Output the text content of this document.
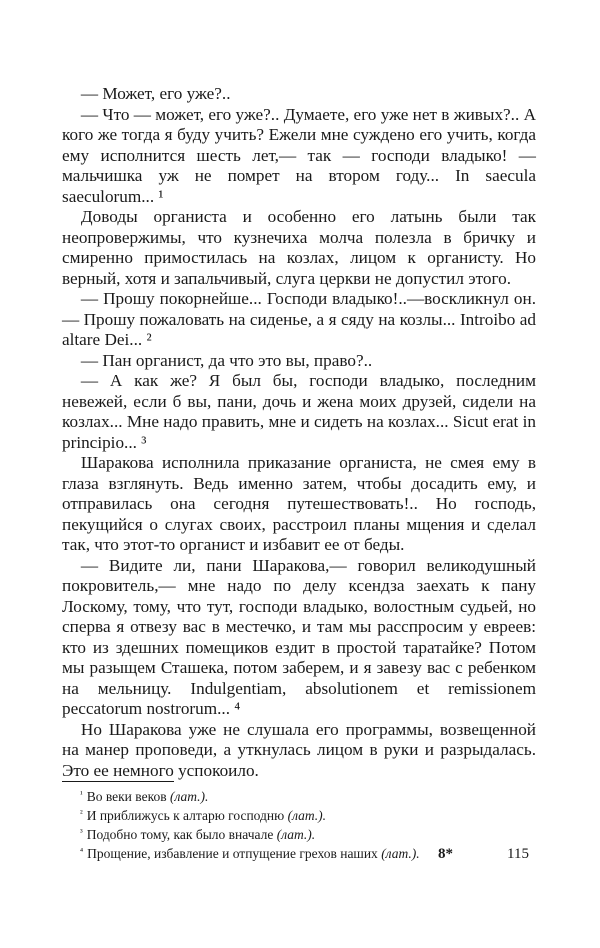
— Может, его уже?..

— Что — может, его уже?.. Думаете, его уже нет в живых?.. А кого же тогда я буду учить? Ежели мне суждено его учить, когда ему исполнится шесть лет,— так — господи владыко! — мальчишка уж не помрет на втором году... In saecula saeculorum... ¹

Доводы органиста и особенно его латынь были так неопровержимы, что кузнечиха молча полезла в бричку и смиренно примостилась на козлах, лицом к органисту. Но верный, хотя и запальчивый, слуга церкви не допустил этого.

— Прошу покорнейше... Господи владыко!..—воскликнул он. — Прошу пожаловать на сиденье, а я сяду на козлы... Introibo ad altare Dei... ²

— Пан органист, да что это вы, право?..

— А как же? Я был бы, господи владыко, последним невежей, если б вы, пани, дочь и жена моих друзей, сидели на козлах... Мне надо править, мне и сидеть на козлах... Sicut erat in principio... ³

Шаракова исполнила приказание органиста, не смея ему в глаза взглянуть. Ведь именно затем, чтобы досадить ему, и отправилась она сегодня путешествовать!.. Но господь, пекущийся о слугах своих, расстроил планы мщения и сделал так, что этот-то органист и избавит ее от беды.

— Видите ли, пани Шаракова,— говорил великодушный покровитель,— мне надо по делу ксендза заехать к пану Лоскому, тому, что тут, господи владыко, волостным судьей, но сперва я отвезу вас в местечко, и там мы расспросим у евреев: кто из здешних помещиков ездит в простой таратайке? Потом мы разыщем Сташека, потом заберем, и я завезу вас с ребенком на мельницу. Indulgentiam, absolutionem et remissionem peccatorum nostrorum... ⁴

Но Шаракова уже не слушала его программы, возвещенной на манер проповеди, а уткнулась лицом в руки и разрыдалась. Это ее немного успокоило.

$^{^1}$ Во веки веков (лат.).
$^{^2}$ И приближусь к алтарю господню (лат.).
$^{^3}$ Подобно тому, как было вначале (лат.).
$^{^4}$ Прощение, избавление и отпущение грехов наших (лат.).	8*	115
